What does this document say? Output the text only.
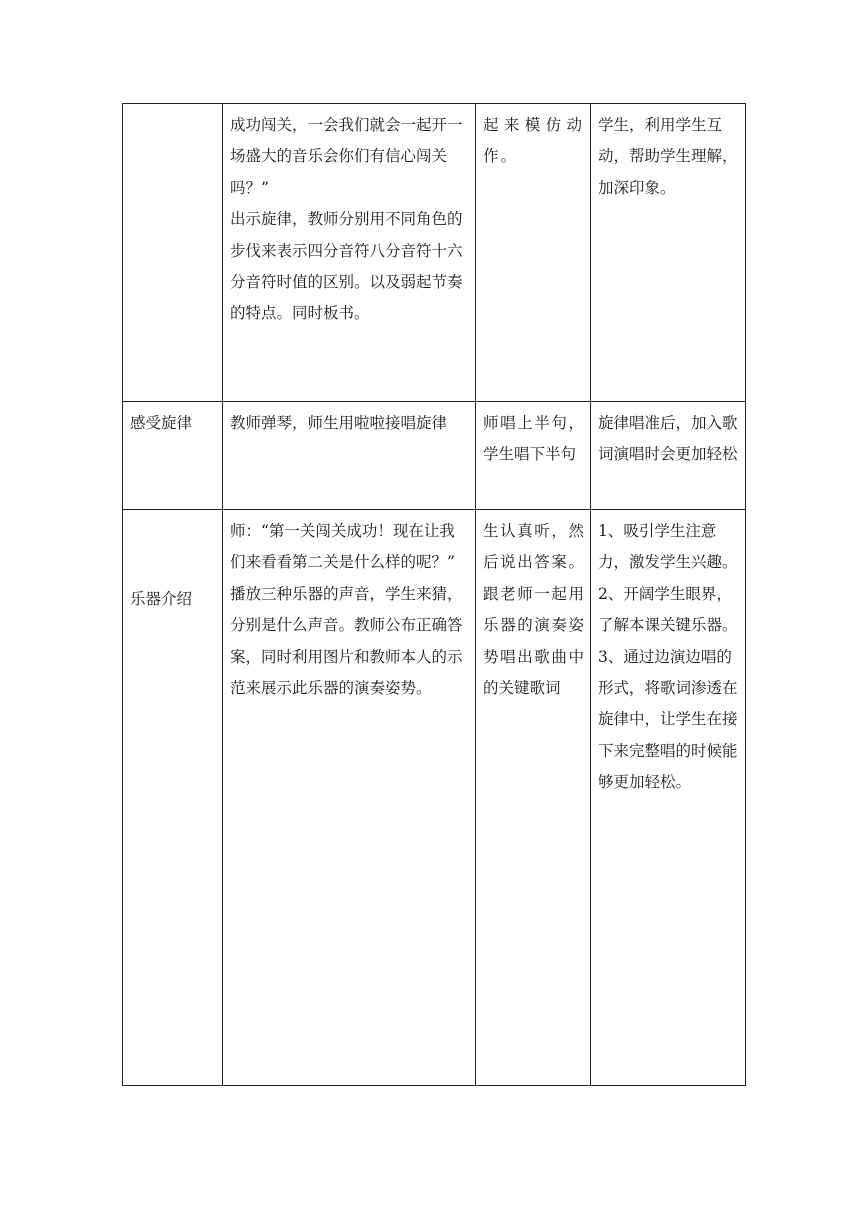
	成功闯关，一会我们就会一起开一场盛大的音乐会你们有信心闯关吗？”
出示旋律，教师分别用不同角色的步伐来表示四分音符八分音符十六分音符时值的区别。以及弱起节奏的特点。同时板书。	起来模仿动作。	学生，利用学生互动，帮助学生理解，加深印象。

感受旋律	教师弹琴，师生用啦啦接唱旋律	师唱上半句，学生唱下半句	旋律唱准后，加入歌词演唱时会更加轻松

乐器介绍	师：“第一关闯关成功！现在让我们来看看第二关是什么样的呢？”
播放三种乐器的声音，学生来猜，分别是什么声音。教师公布正确答案，同时利用图片和教师本人的示范来展示此乐器的演奏姿势。	生认真听，然后说出答案。跟老师一起用乐器的演奏姿势唱出歌曲中的关键歌词	1、吸引学生注意力，激发学生兴趣。2、开阔学生眼界，了解本课关键乐器。3、通过边演边唱的形式，将歌词渗透在旋律中，让学生在接下来完整唱的时候能够更加轻松。
